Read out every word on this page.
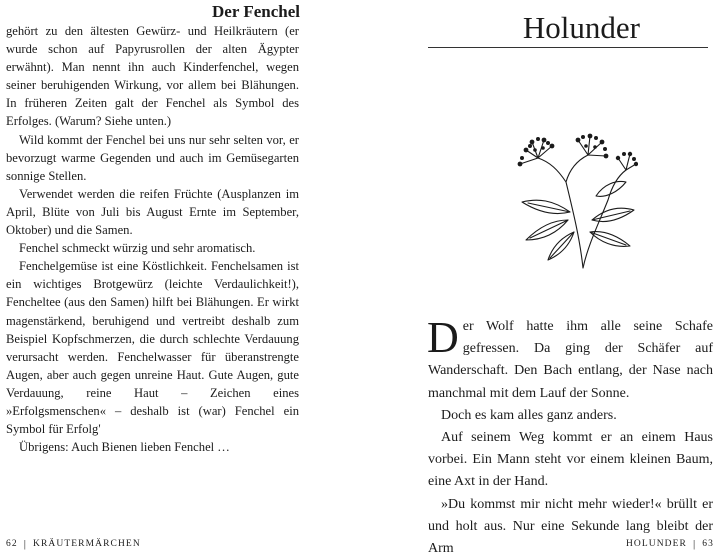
Der Fenchel

gehört zu den ältesten Gewürz- und Heilkräutern (er wurde schon auf Papyrusrollen der alten Ägypter erwähnt). Man nennt ihn auch Kinderfenchel, wegen seiner beruhigenden Wirkung, vor allem bei Blähungen. In früheren Zeiten galt der Fenchel als Symbol des Erfolges. (Warum? Siehe unten.)

Wild kommt der Fenchel bei uns nur sehr selten vor, er bevorzugt warme Gegenden und auch im Gemüsegarten sonnige Stellen.

Verwendet werden die reifen Früchte (Ausplanzen im April, Blüte von Juli bis August Ernte im September, Oktober) und die Samen.

Fenchel schmeckt würzig und sehr aromatisch.

Fenchelgemüse ist eine Köstlichkeit. Fenchelsamen ist ein wichtiges Brotgewürz (leichte Verdaulichkeit!), Fencheltee (aus den Samen) hilft bei Blähungen. Er wirkt magenstärkend, beruhigend und vertreibt deshalb zum Beispiel Kopfschmerzen, die durch schlechte Verdauung verursacht werden. Fenchelwasser für überanstrengte Augen, aber auch gegen unreine Haut. Gute Augen, gute Verdauung, reine Haut – Zeichen eines »Erfolgsmenschen« – deshalb ist (war) Fenchel ein Symbol für Erfolg'

Übrigens: Auch Bienen lieben Fenchel …

62 | KRÄUTERMÄRCHEN
Holunder

Der Wolf hatte ihm alle seine Schafe gefressen. Da ging der Schäfer auf Wanderschaft. Den Bach entlang, der Nase nach manchmal mit dem Lauf der Sonne.

Doch es kam alles ganz anders.

Auf seinem Weg kommt er an einem Haus vorbei. Ein Mann steht vor einem kleinen Baum, eine Axt in der Hand.

»Du kommst mir nicht mehr wieder!« brüllt er und holt aus. Nur eine Sekunde lang bleibt der Arm	HOLUNDER | 63
